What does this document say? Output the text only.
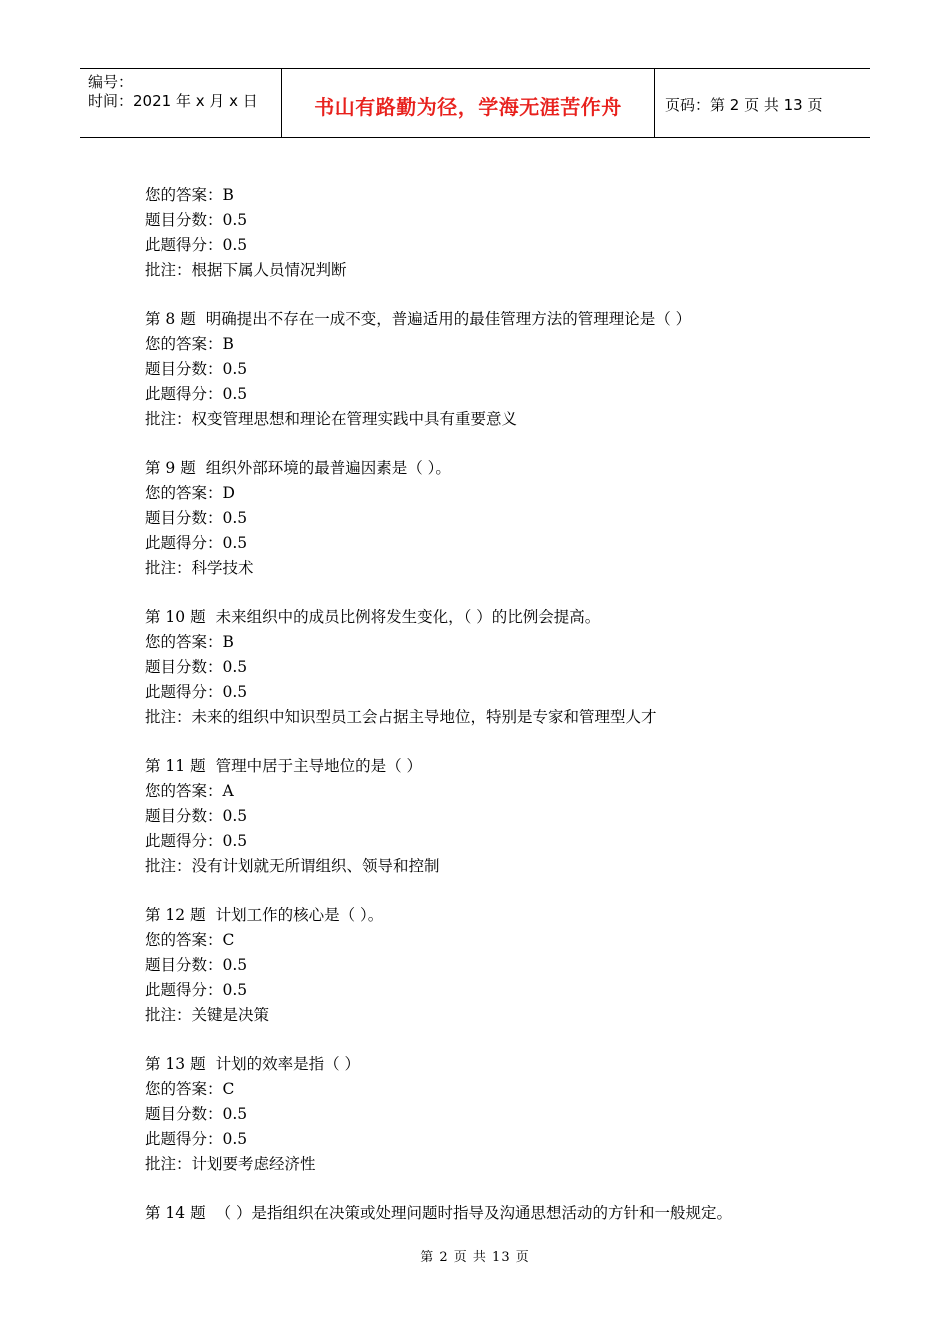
编号：
时间：2021 年 x 月 x 日	书山有路勤为径，学海无涯苦作舟	页码：第 2 页 共 13 页
您的答案：B
题目分数：0.5
此题得分：0.5
批注：根据下属人员情况判断
第 8 题 明确提出不存在一成不变，普遍适用的最佳管理方法的管理理论是（ ）
您的答案：B
题目分数：0.5
此题得分：0.5
批注：权变管理思想和理论在管理实践中具有重要意义
第 9 题 组织外部环境的最普遍因素是（ ）。
您的答案：D
题目分数：0.5
此题得分：0.5
批注：科学技术
第 10 题 未来组织中的成员比例将发生变化，（ ）的比例会提高。
您的答案：B
题目分数：0.5
此题得分：0.5
批注：未来的组织中知识型员工会占据主导地位，特别是专家和管理型人才
第 11 题 管理中居于主导地位的是（ ）
您的答案：A
题目分数：0.5
此题得分：0.5
批注：没有计划就无所谓组织、领导和控制
第 12 题 计划工作的核心是（ ）。
您的答案：C
题目分数：0.5
此题得分：0.5
批注：关键是决策
第 13 题 计划的效率是指（ ）
您的答案：C
题目分数：0.5
此题得分：0.5
批注：计划要考虑经济性
第 14 题 （ ）是指组织在决策或处理问题时指导及沟通思想活动的方针和一般规定。
第 2 页 共 13 页
